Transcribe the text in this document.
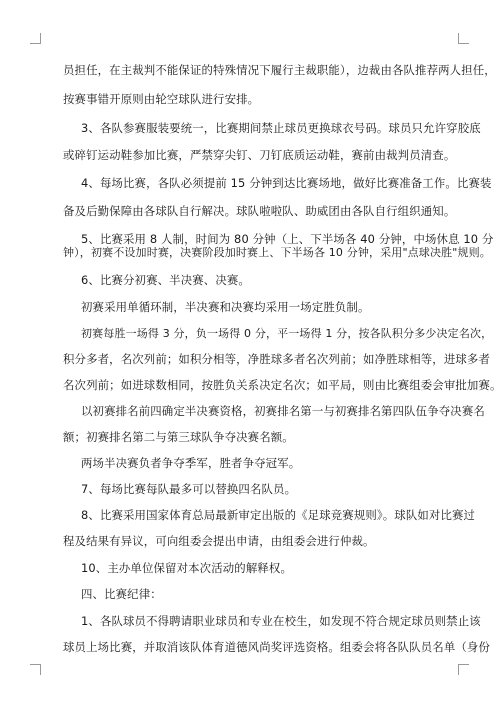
员担任，在主裁判不能保证的特殊情况下履行主裁职能），边裁由各队推荐两人担任，
按赛事错开原则由轮空球队进行安排。
3、各队参赛服装要统一，比赛期间禁止球员更换球衣号码。球员只允许穿胶底
或碎钉运动鞋参加比赛，严禁穿尖钉、刀钉底质运动鞋，赛前由裁判员清查。
4、每场比赛，各队必须提前 15 分钟到达比赛场地，做好比赛准备工作。比赛装
备及后勤保障由各球队自行解决。球队啦啦队、助威团由各队自行组织通知。
5、比赛采用 8 人制，时间为 80 分钟（上、下半场各 40 分钟，中场休息 10 分
钟），初赛不设加时赛，决赛阶段加时赛上、下半场各 10 分钟，采用"点球决胜"规则。
6、比赛分初赛、半决赛、决赛。
初赛采用单循环制，半决赛和决赛均采用一场定胜负制。
初赛每胜一场得 3 分，负一场得 0 分，平一场得 1 分，按各队积分多少决定名次，
积分多者，名次列前；如积分相等，净胜球多者名次列前；如净胜球相等，进球多者
名次列前；如进球数相同，按胜负关系决定名次；如平局，则由比赛组委会审批加赛。
以初赛排名前四确定半决赛资格，初赛排名第一与初赛排名第四队伍争夺决赛名
额；初赛排名第二与第三球队争夺决赛名额。
两场半决赛负者争夺季军，胜者争夺冠军。
7、每场比赛每队最多可以替换四名队员。
8、比赛采用国家体育总局最新审定出版的《足球竞赛规则》。球队如对比赛过
程及结果有异议，可向组委会提出申请，由组委会进行仲裁。
10、主办单位保留对本次活动的解释权。
四、比赛纪律：
1、各队球员不得聘请职业球员和专业在校生，如发现不符合规定球员则禁止该
球员上场比赛，并取消该队体育道德风尚奖评选资格。组委会将各队队员名单（身份
